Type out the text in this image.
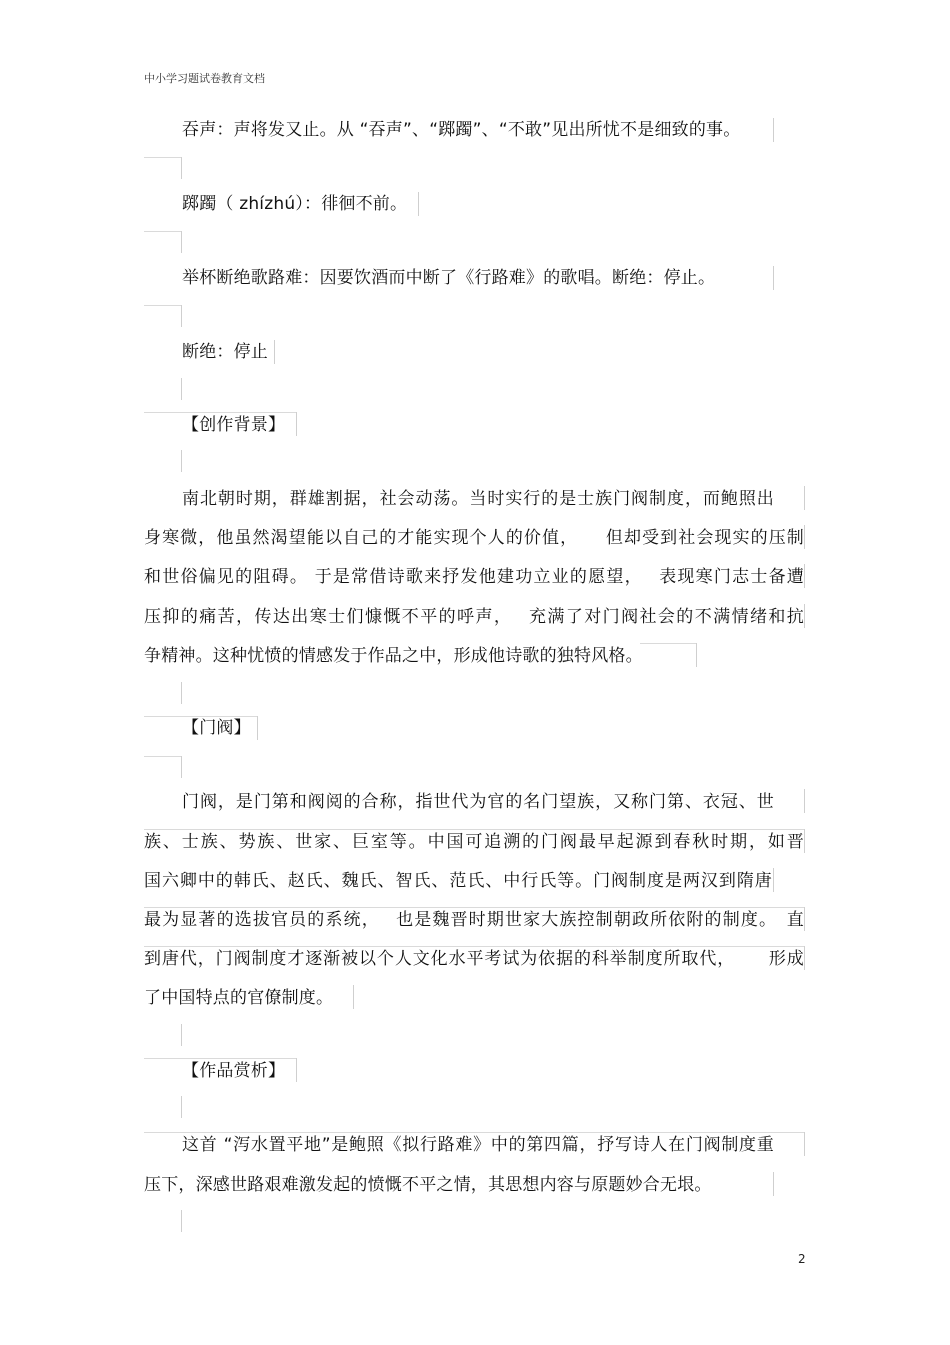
中小学习题试卷教育文档
吞声：声将发又止。从 “吞声”、“踯躅”、“不敢”见出所忧不是细致的事。
踯躅（ zhízhú）：徘徊不前。
举杯断绝歌路难：因要饮酒而中断了《行路难》的歌唱。断绝：停止。
断绝：停止
【创作背景】
南北朝时期，群雄割据，社会动荡。当时实行的是士族门阀制度，而鲍照出
身寒微，他虽然渴望能以自己的才能实现个人的价值，　　但却受到社会现实的压制
和世俗偏见的阻碍。 于是常借诗歌来抒发他建功立业的愿望，　 表现寒门志士备遭
压抑的痛苦，传达出寒士们慷慨不平的呼声，　 充满了对门阀社会的不满情绪和抗
争精神。这种忧愤的情感发于作品之中，形成他诗歌的独特风格。
【门阀】
门阀，是门第和阀阅的合称，指世代为官的名门望族，又称门第、衣冠、世
族、士族、势族、世家、巨室等。中国可追溯的门阀最早起源到春秋时期，如晋
国六卿中的韩氏、赵氏、魏氏、智氏、范氏、中行氏等。门阀制度是两汉到隋唐
最为显著的选拔官员的系统，　 也是魏晋时期世家大族控制朝政所依附的制度。　直
到唐代，门阀制度才逐渐被以个人文化水平考试为依据的科举制度所取代，　　 形成
了中国特点的官僚制度。
【作品赏析】
这首 “泻水置平地”是鲍照《拟行路难》中的第四篇，抒写诗人在门阀制度重
压下，深感世路艰难激发起的愤慨不平之情，其思想内容与原题妙合无垠。
2
